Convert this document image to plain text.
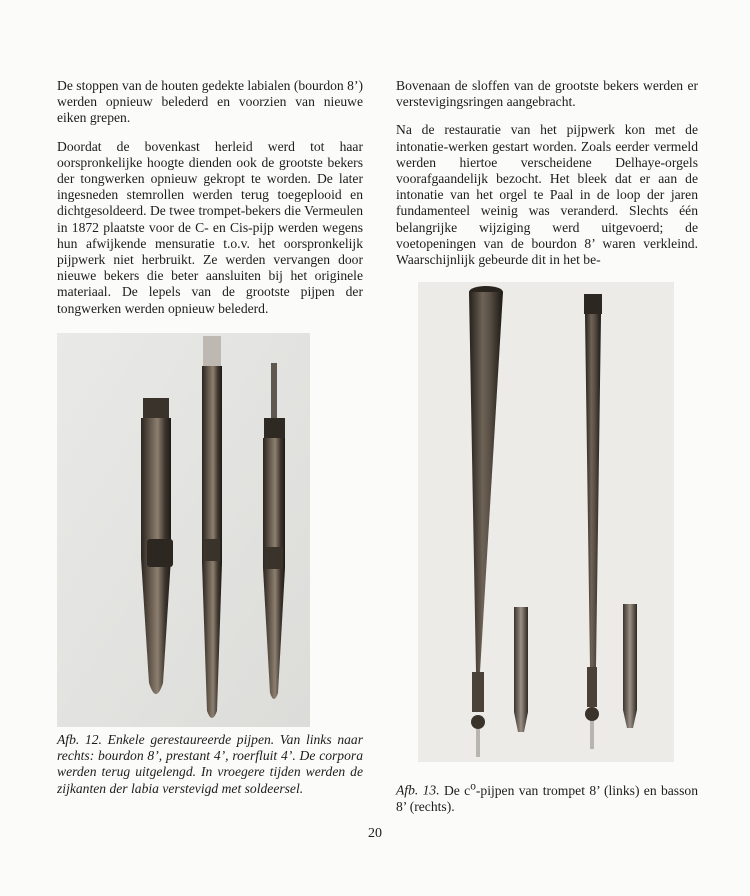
De stoppen van de houten gedekte labialen (bourdon 8’) werden opnieuw belederd en voorzien van nieuwe eiken grepen.

Doordat de bovenkast herleid werd tot haar oorspronkelijke hoogte dienden ook de grootste bekers der tongwerken opnieuw gekropt te worden. De later ingesneden stemrollen werden terug toegeplooid en dichtgesoldeerd. De twee trompet-bekers die Vermeulen in 1872 plaatste voor de C- en Cis-pijp werden wegens hun afwijkende mensuratie t.o.v. het oorspronkelijk pijpwerk niet herbruikt. Ze werden vervangen door nieuwe bekers die beter aansluiten bij het originele materiaal. De lepels van de grootste pijpen der tongwerken werden opnieuw belederd.

Bovenaan de sloffen van de grootste bekers werden er verstevigingsringen aangebracht.

Na de restauratie van het pijpwerk kon met de intonatie-werken gestart worden. Zoals eerder vermeld werden hiertoe verscheidene Delhaye-orgels voorafgaandelijk bezocht. Het bleek dat er aan de intonatie van het orgel te Paal in de loop der jaren fundamenteel weinig was veranderd. Slechts één belangrijke wijziging werd uitgevoerd; de voetopeningen van de bourdon 8’ waren verkleind. Waarschijnlijk gebeurde dit in het be-

Afb. 12. Enkele gerestaureerde pijpen. Van links naar rechts: bourdon 8’, prestant 4’, roerfluit 4’. De corpora werden terug uitgelengd. In vroegere tijden werden de zijkanten der labia verstevigd met soldeersel.	Afb. 13. De $c^o$-pijpen van trompet 8’ (links) en basson 8’ (rechts).
20
